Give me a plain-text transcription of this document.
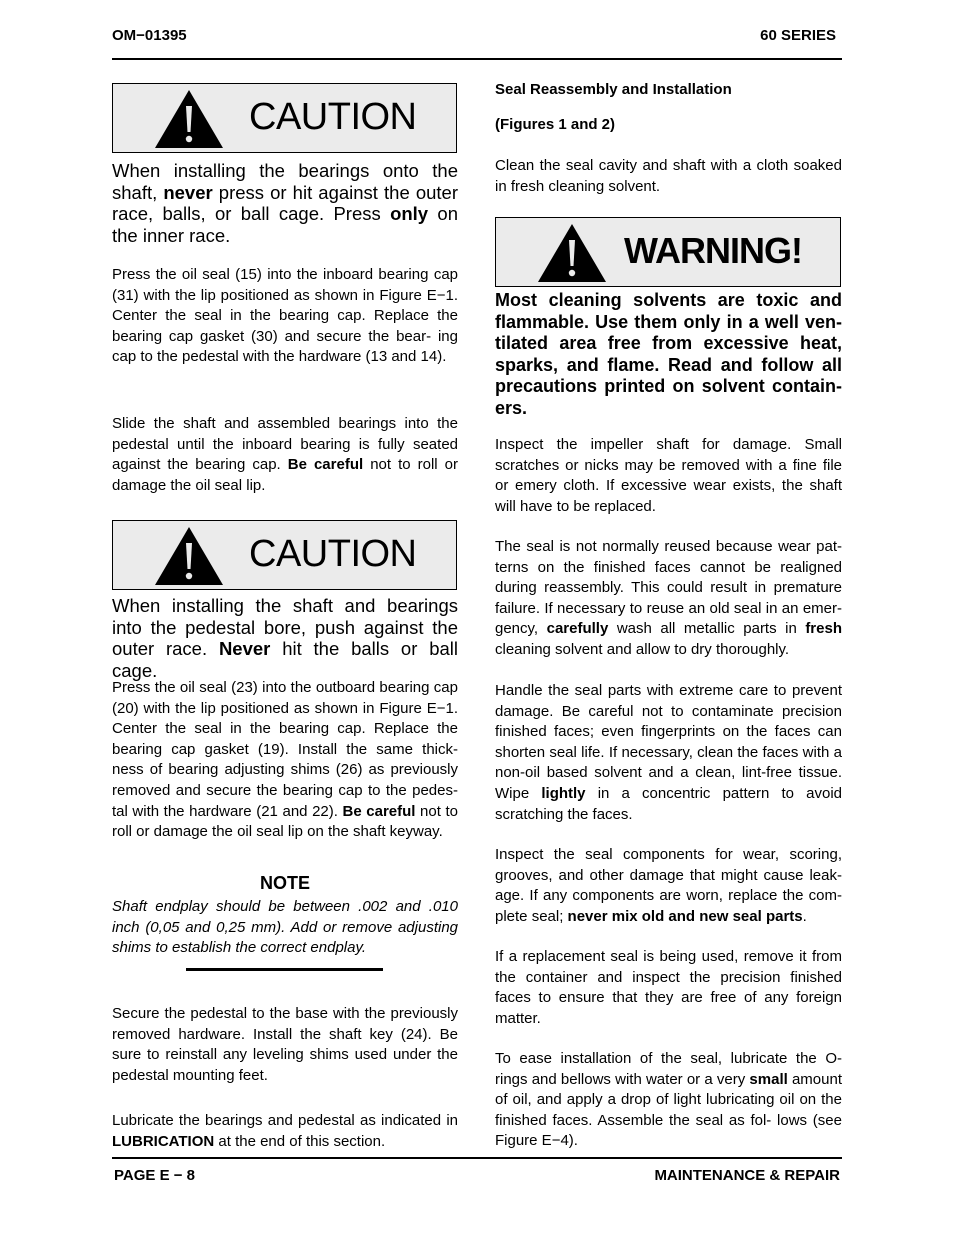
OM−01395	60 SERIES
CAUTION

When installing the bearings onto the shaft, never press or hit against the outer race, balls, or ball cage. Press only on the inner race.

Press the oil seal (15) into the inboard bearing cap (31) with the lip positioned as shown in Figure E−1. Center the seal in the bearing cap. Replace the bearing cap gasket (30) and secure the bear- ing cap to the pedestal with the hardware (13 and 14).

Slide the shaft and assembled bearings into the pedestal until the inboard bearing is fully seated against the bearing cap. Be careful not to roll or damage the oil seal lip.

CAUTION

When installing the shaft and bearings into the pedestal bore, push against the outer race. Never hit the balls or ball cage.

Press the oil seal (23) into the outboard bearing cap (20) with the lip positioned as shown in Figure E−1. Center the seal in the bearing cap. Replace the bearing cap gasket (19). Install the same thick- ness of bearing adjusting shims (26) as previously removed and secure the bearing cap to the pedes- tal with the hardware (21 and 22). Be careful not to roll or damage the oil seal lip on the shaft keyway.

NOTE

Shaft endplay should be between .002 and .010 inch (0,05 and 0,25 mm). Add or remove adjusting shims to establish the correct endplay.

Secure the pedestal to the base with the previously removed hardware. Install the shaft key (24). Be sure to reinstall any leveling shims used under the pedestal mounting feet.

Lubricate the bearings and pedestal as indicated in LUBRICATION at the end of this section.

Seal Reassembly and Installation

(Figures 1 and 2)

Clean the seal cavity and shaft with a cloth soaked in fresh cleaning solvent.

WARNING!

Most cleaning solvents are toxic and flammable. Use them only in a well ven- tilated area free from excessive heat, sparks, and flame. Read and follow all precautions printed on solvent contain- ers.

Inspect the impeller shaft for damage. Small scratches or nicks may be removed with a fine file or emery cloth. If excessive wear exists, the shaft will have to be replaced.

The seal is not normally reused because wear pat- terns on the finished faces cannot be realigned during reassembly. This could result in premature failure. If necessary to reuse an old seal in an emer- gency, carefully wash all metallic parts in fresh cleaning solvent and allow to dry thoroughly.

Handle the seal parts with extreme care to prevent damage. Be careful not to contaminate precision finished faces; even fingerprints on the faces can shorten seal life. If necessary, clean the faces with a non-oil based solvent and a clean, lint-free tissue. Wipe lightly in a concentric pattern to avoid scratching the faces.

Inspect the seal components for wear, scoring, grooves, and other damage that might cause leak- age. If any components are worn, replace the com- plete seal; never mix old and new seal parts.

If a replacement seal is being used, remove it from the container and inspect the precision finished faces to ensure that they are free of any foreign matter.

To ease installation of the seal, lubricate the O- rings and bellows with water or a very small amount of oil, and apply a drop of light lubricating oil on the finished faces. Assemble the seal as fol- lows (see Figure E−4).

PAGE E − 8	MAINTENANCE & REPAIR
